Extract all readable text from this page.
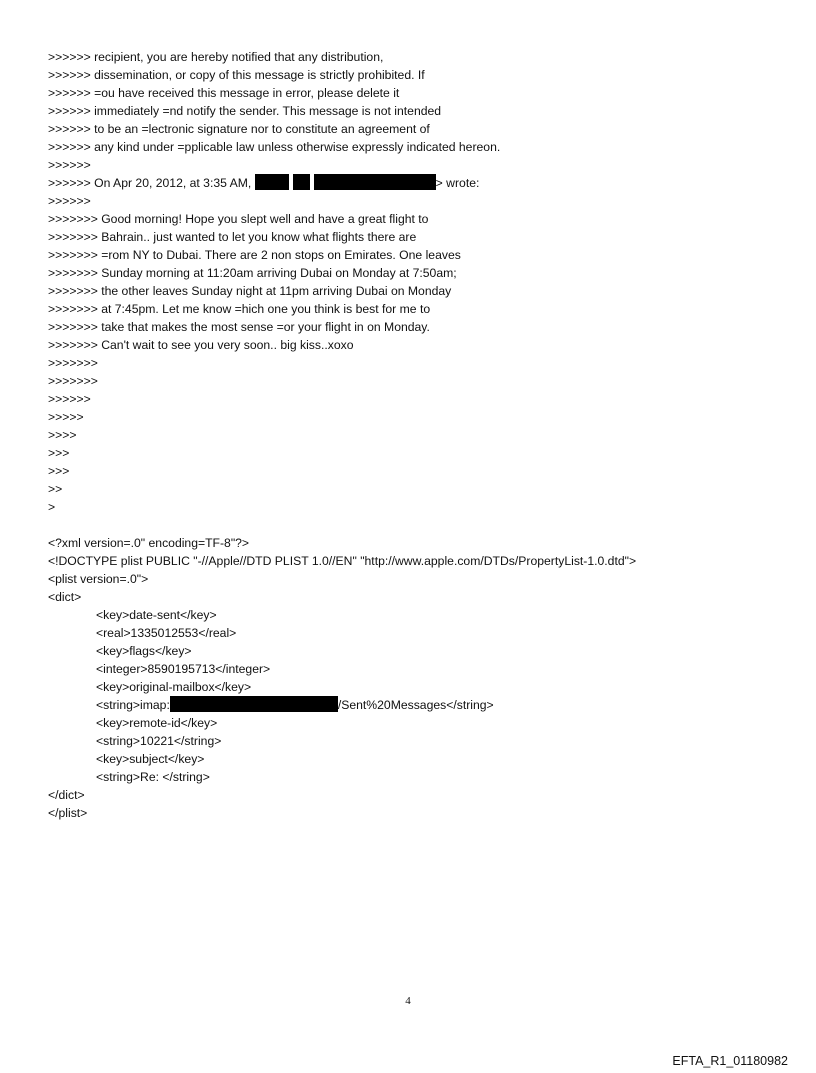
>>>>>> recipient, you are hereby notified that any distribution,
>>>>>> dissemination, or copy of this message is strictly prohibited. If
>>>>>> =ou have received this message in error, please delete it
>>>>>> immediately =nd notify the sender. This message is not intended
>>>>>> to be an =lectronic signature nor to constitute an agreement of
>>>>>> any kind under =pplicable law unless otherwise expressly indicated hereon.
>>>>>>
>>>>>> On Apr 20, 2012, at 3:35 AM,	> wrote:
>>>>>>
>>>>>>> Good morning! Hope you slept well and have a great flight to
>>>>>>> Bahrain.. just wanted to let you know what flights there are
>>>>>>> =rom NY to Dubai. There are 2 non stops on Emirates. One leaves
>>>>>>> Sunday morning at 11:20am arriving Dubai on Monday at 7:50am;
>>>>>>> the other leaves Sunday night at 11pm arriving Dubai on Monday
>>>>>>> at 7:45pm. Let me know =hich one you think is best for me to
>>>>>>> take that makes the most sense =or your flight in on Monday.
>>>>>>> Can't wait to see you very soon.. big kiss..xoxo
>>>>>>>
>>>>>>>
>>>>>>
>>>>>
>>>>
>>>
>>>
>>
>
<?xml version=.0" encoding=TF-8"?>
<!DOCTYPE plist PUBLIC "-//Apple//DTD PLIST 1.0//EN" "http://www.apple.com/DTDs/PropertyList-1.0.dtd">
<plist version=.0">
<dict>
<key>date-sent</key>
<real>1335012553</real>
<key>flags</key>
<integer>8590195713</integer>
<key>original-mailbox</key>
<string>imap:	/Sent%20Messages</string>
<key>remote-id</key>
<string>10221</string>
<key>subject</key>
<string>Re: </string>
</dict>
</plist>
4
EFTA_R1_01180982
